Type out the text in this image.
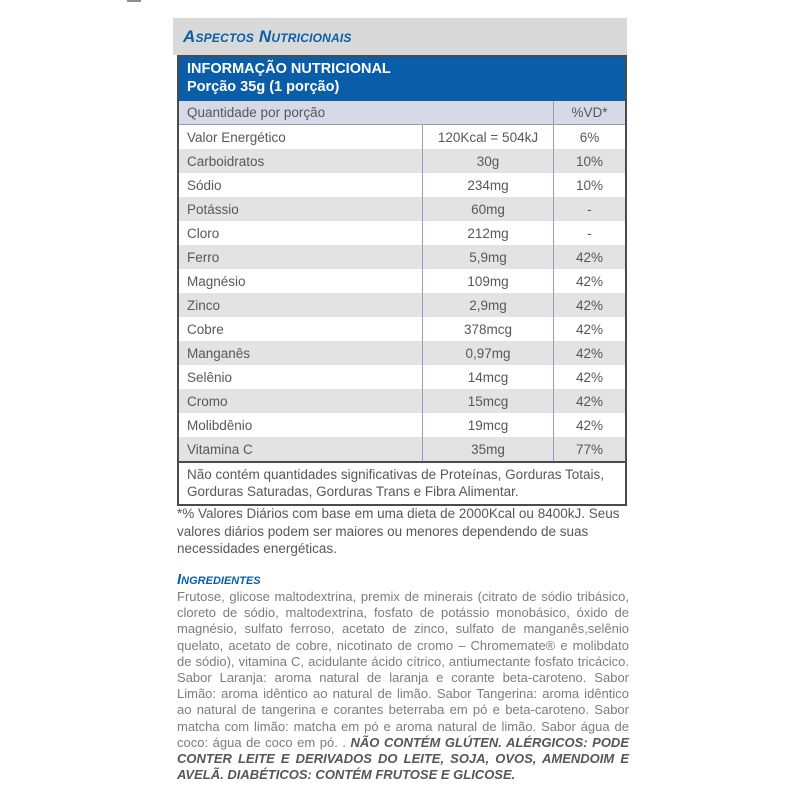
Aspectos Nutricionais
INFORMAÇÃO NUTRICIONAL
Porção 35g (1 porção)
Quantidade por porção	%VD*
Valor Energético	120Kcal = 504kJ	6%
Carboidratos	30g	10%
Sódio	234mg	10%
Potássio	60mg	-
Cloro	212mg	-
Ferro	5,9mg	42%
Magnésio	109mg	42%
Zinco	2,9mg	42%
Cobre	378mcg	42%
Manganês	0,97mg	42%
Selênio	14mcg	42%
Cromo	15mcg	42%
Molibdênio	19mcg	42%
Vitamina C	35mg	77%
Não contém quantidades significativas de Proteínas, Gorduras Totais, Gorduras Saturadas, Gorduras Trans e Fibra Alimentar.
*% Valores Diários com base em uma dieta de 2000Kcal ou 8400kJ. Seus valores diários podem ser maiores ou menores dependendo de suas necessidades energéticas.
Ingredientes
Frutose, glicose maltodextrina, premix de minerais (citrato de sódio tribásico, cloreto de sódio, maltodextrina, fosfato de potássio monobásico, óxido de magnésio, sulfato ferroso, acetato de zinco, sulfato de manganês,selênio quelato, acetato de cobre, nicotinato de cromo – Chromemate® e molibdato de sódio), vitamina C, acidulante ácido cítrico, antiumectante fosfato tricácico. Sabor Laranja: aroma natural de laranja e corante beta-caroteno. Sabor Limão: aroma idêntico ao natural de limão. Sabor Tangerina: aroma idêntico ao natural de tangerina e corantes beterraba em pó e beta-caroteno. Sabor matcha com limão: matcha em pó e aroma natural de limão. Sabor água de coco: água de coco em pó. . NÃO CONTÉM GLÚTEN. ALÉRGICOS: PODE CONTER LEITE E DERIVADOS DO LEITE, SOJA, OVOS, AMENDOIM E AVELÃ. DIABÉTICOS: CONTÉM FRUTOSE E GLICOSE.
